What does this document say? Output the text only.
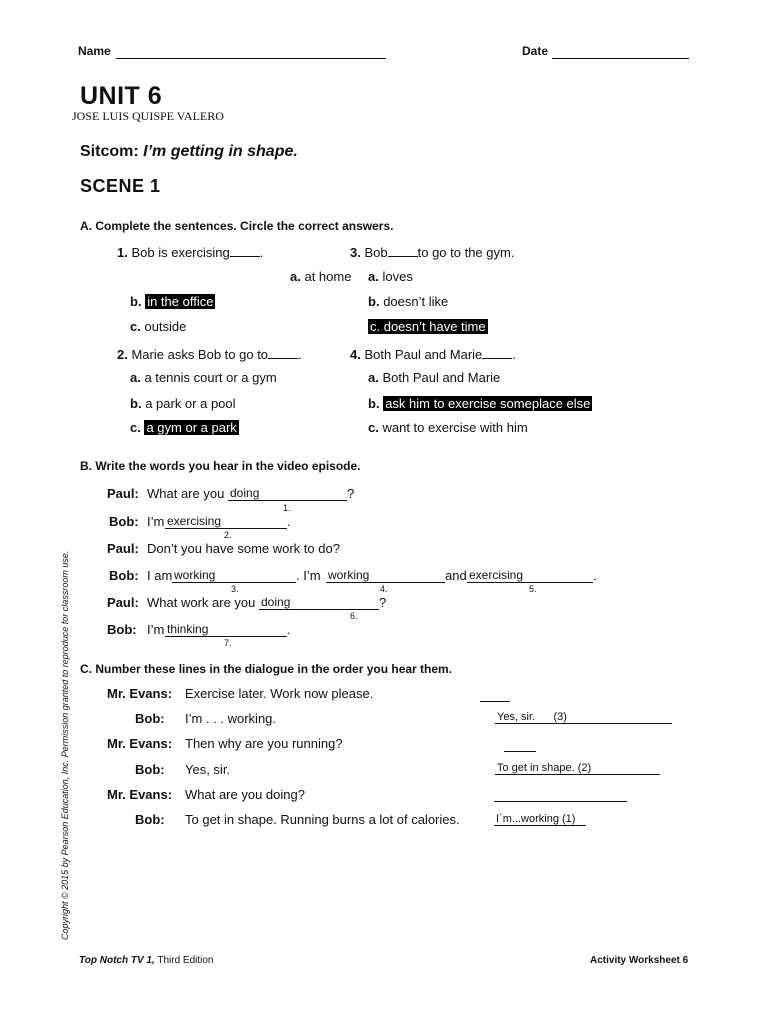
Name	Date
UNIT 6
JOSE LUIS QUISPE VALERO
Sitcom: I’m getting in shape.
SCENE 1
A. Complete the sentences. Circle the correct answers.
1. Bob is exercising .
a. at home
b. in the office
c. outside
2. Marie asks Bob to go to .
a. a tennis court or a gym
b. a park or a pool
c. a gym or a park
3. Bob to go to the gym.
a. loves
b. doesn’t like
c. doesn’t have time
4. Both Paul and Marie .
a. Both Paul and Marie
b. ask him to exercise someplace else
c. want to exercise with him
B. Write the words you hear in the video episode.
Paul: What are you doing	?
1.
Bob: I’m exercising	.
2.
Paul: Don’t you have some work to do?
Bob: I am working	. I’m working	and exercising	.
3.	4.	5.
Paul: What work are you doing	?
6.
Bob: I’m thinking	.
7.
C. Number these lines in the dialogue in the order you hear them.
Mr. Evans: Exercise later. Work now please.
Bob: I’m . . . working.	Yes, sir.      (3)
Mr. Evans: Then why are you running?
Bob: Yes, sir.	To get in shape. (2)
Mr. Evans: What are you doing?
Bob: To get in shape. Running burns a lot of calories.	I´m...working (1)
Copyright © 2015 by Pearson Education, Inc. Permission granted to reproduce for classroom use.
Top Notch TV 1, Third Edition	Activity Worksheet 6
